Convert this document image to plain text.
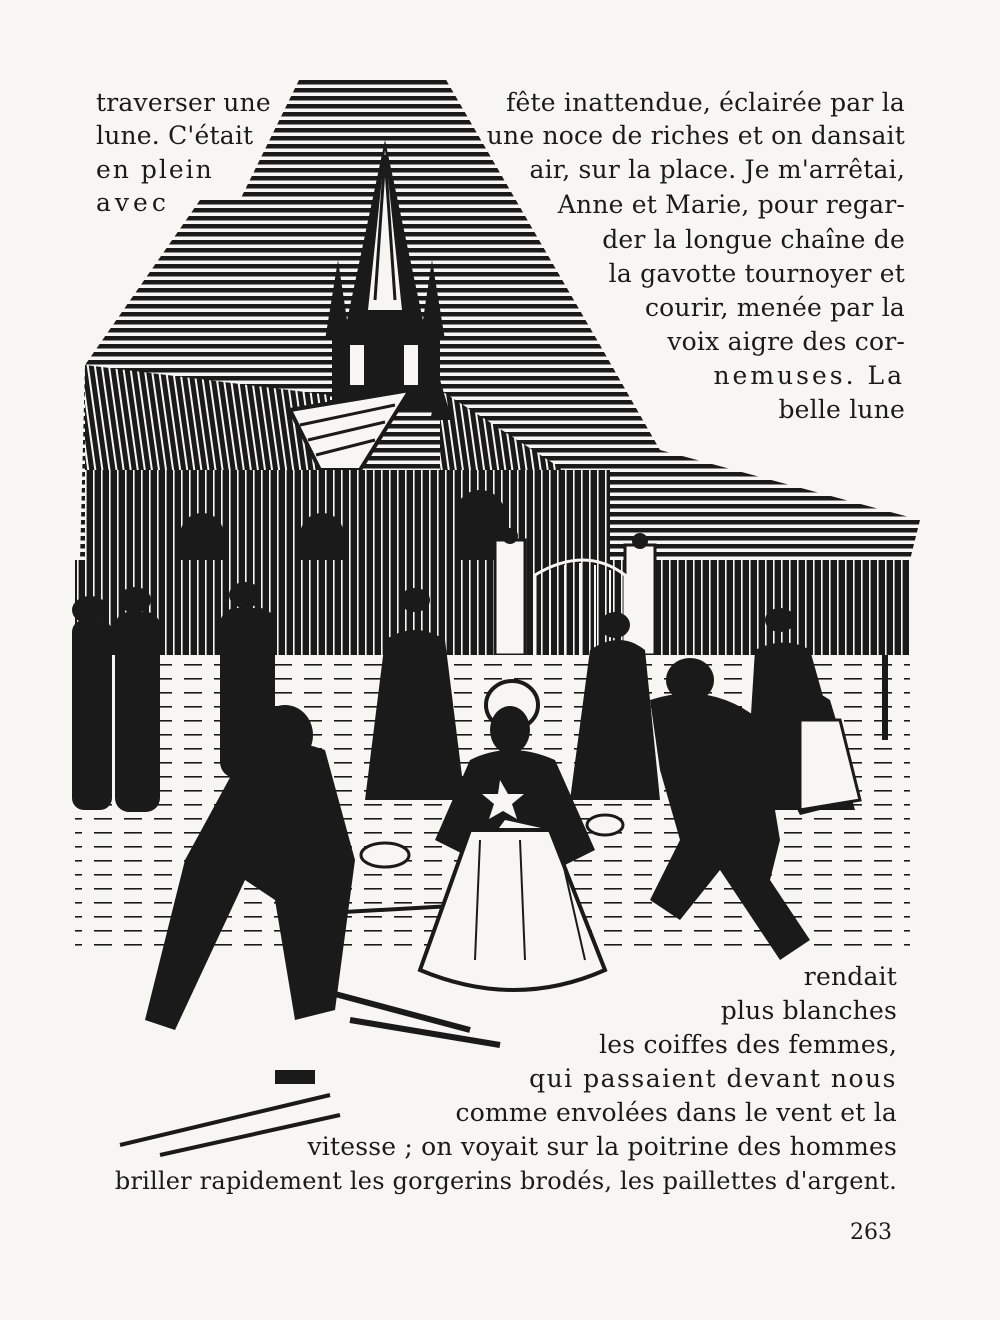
traverser une

lune. C'était

en plein

avec

fête inattendue, éclairée par la

une noce de riches et on dansait

air, sur la place. Je m'arrêtai,

Anne et Marie, pour regar-

der la longue chaîne de

la gavotte tournoyer et

courir, menée par la

voix aigre des cor-

nemuses. La

belle lune

rendait

plus blanches

les coiffes des femmes,

qui passaient devant nous

comme envolées dans le vent et la

vitesse ; on voyait sur la poitrine des hommes

briller rapidement les gorgerins brodés, les paillettes d'argent.

263
